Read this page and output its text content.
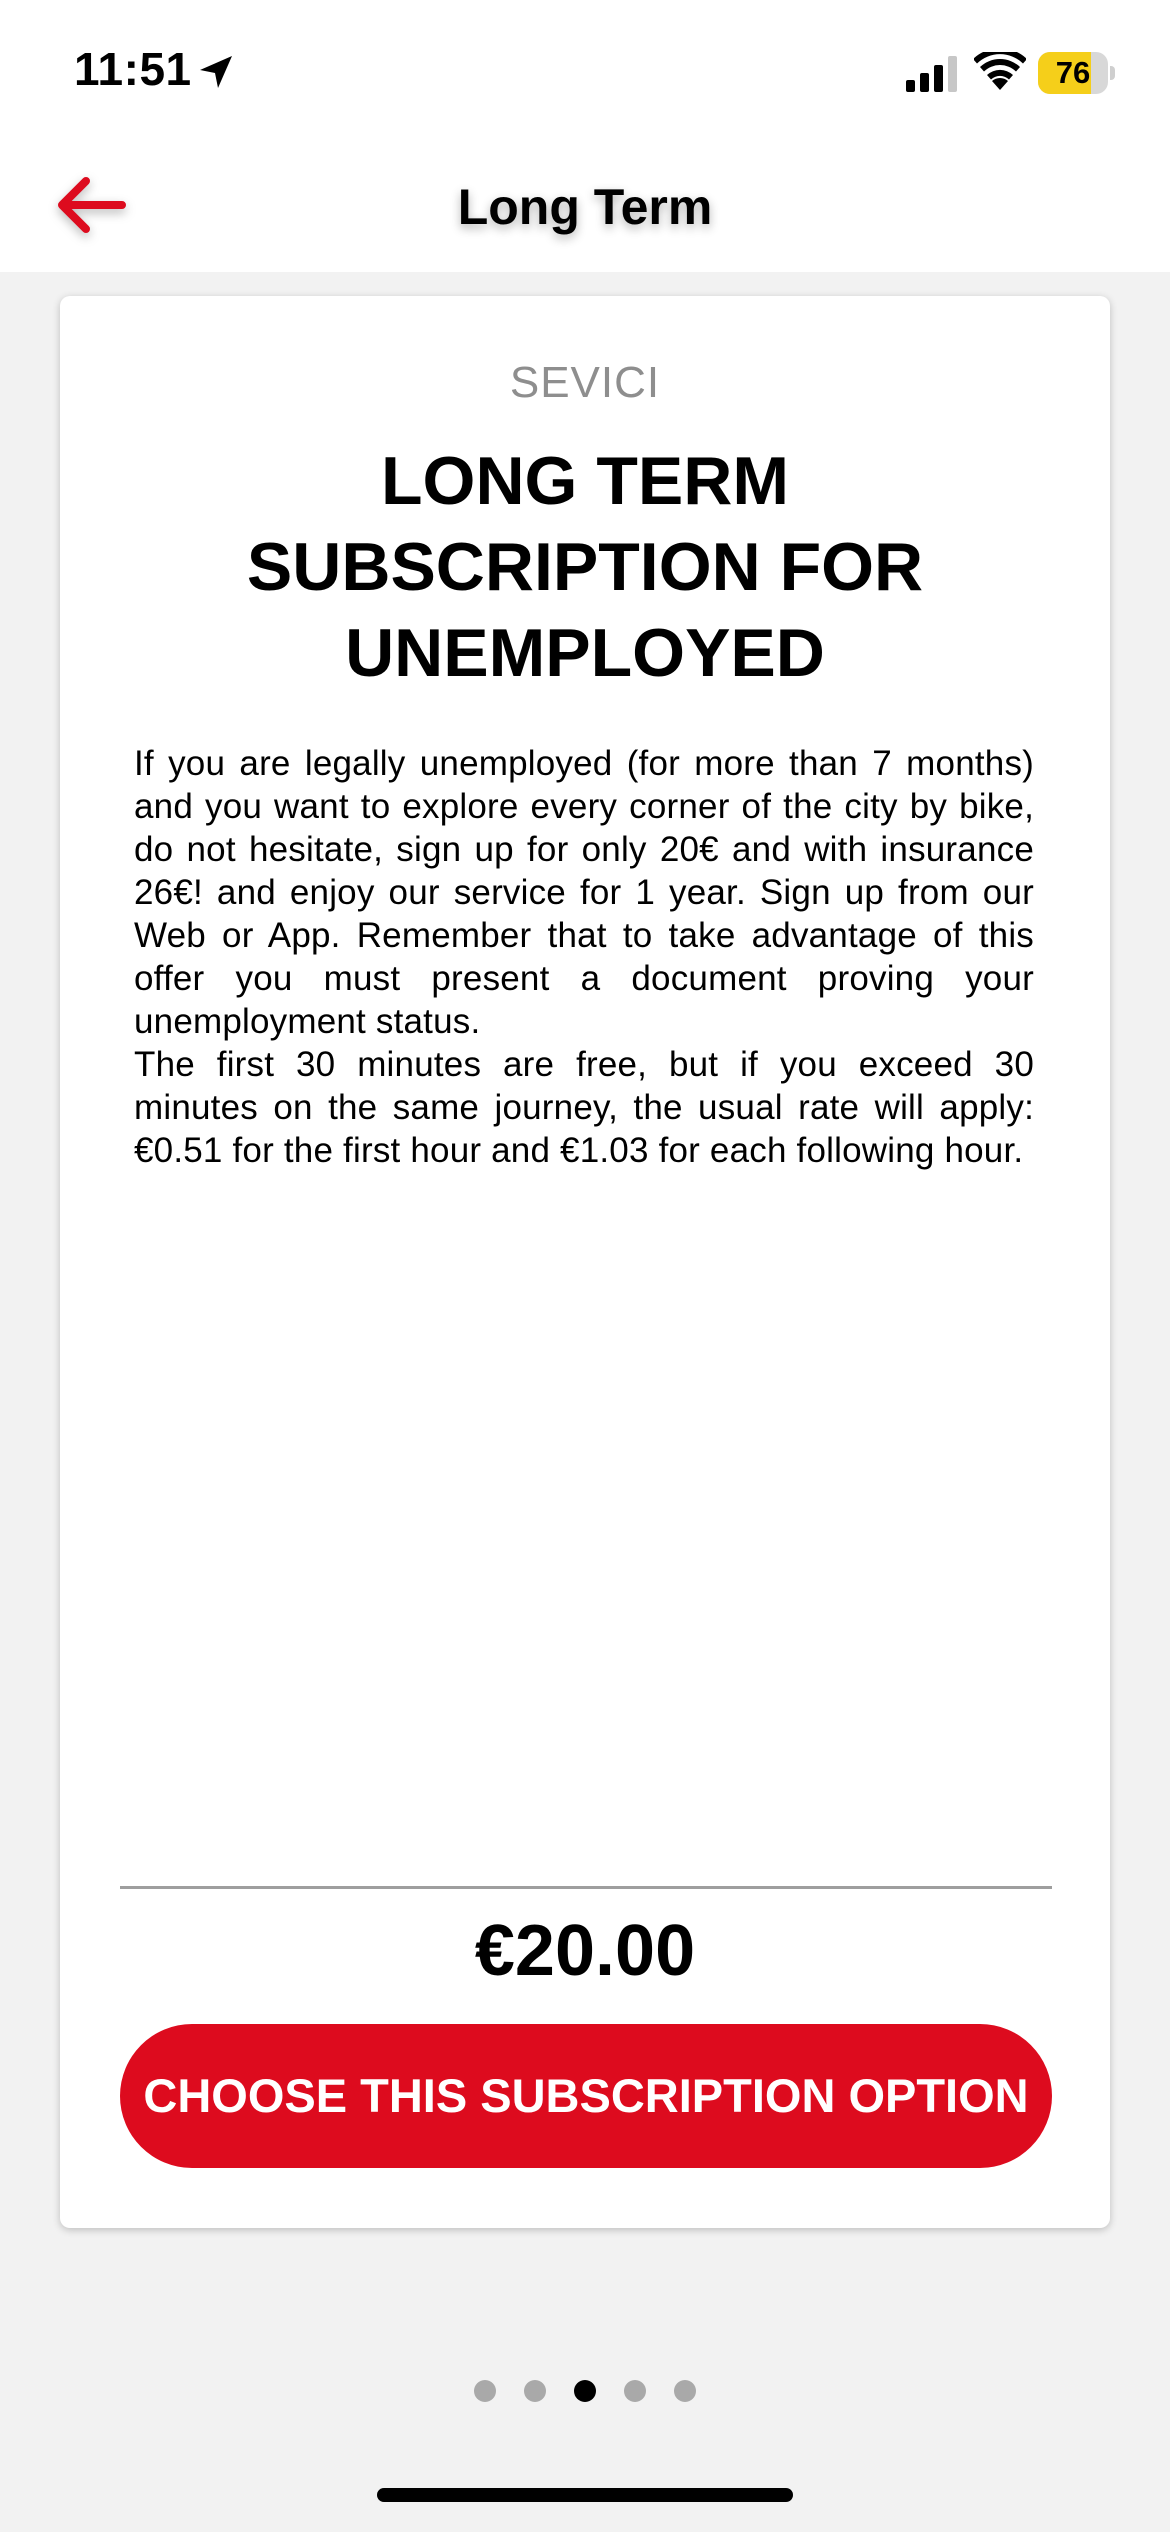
11:51	76
Long Term
SEVICI
LONG TERM SUBSCRIPTION FOR UNEMPLOYED

If you are legally unemployed (for more than 7 months) and you want to explore every corner of the city by bike, do not hesitate, sign up for only 20€ and with insurance 26€! and enjoy our service for 1 year. Sign up from our Web or App. Remember that to take advantage of this offer you must present a document proving your unemployment status.

The first 30 minutes are free, but if you exceed 30 minutes on the same journey, the usual rate will apply: €0.51 for the first hour and €1.03 for each following hour.

€20.00
CHOOSE THIS SUBSCRIPTION OPTION
